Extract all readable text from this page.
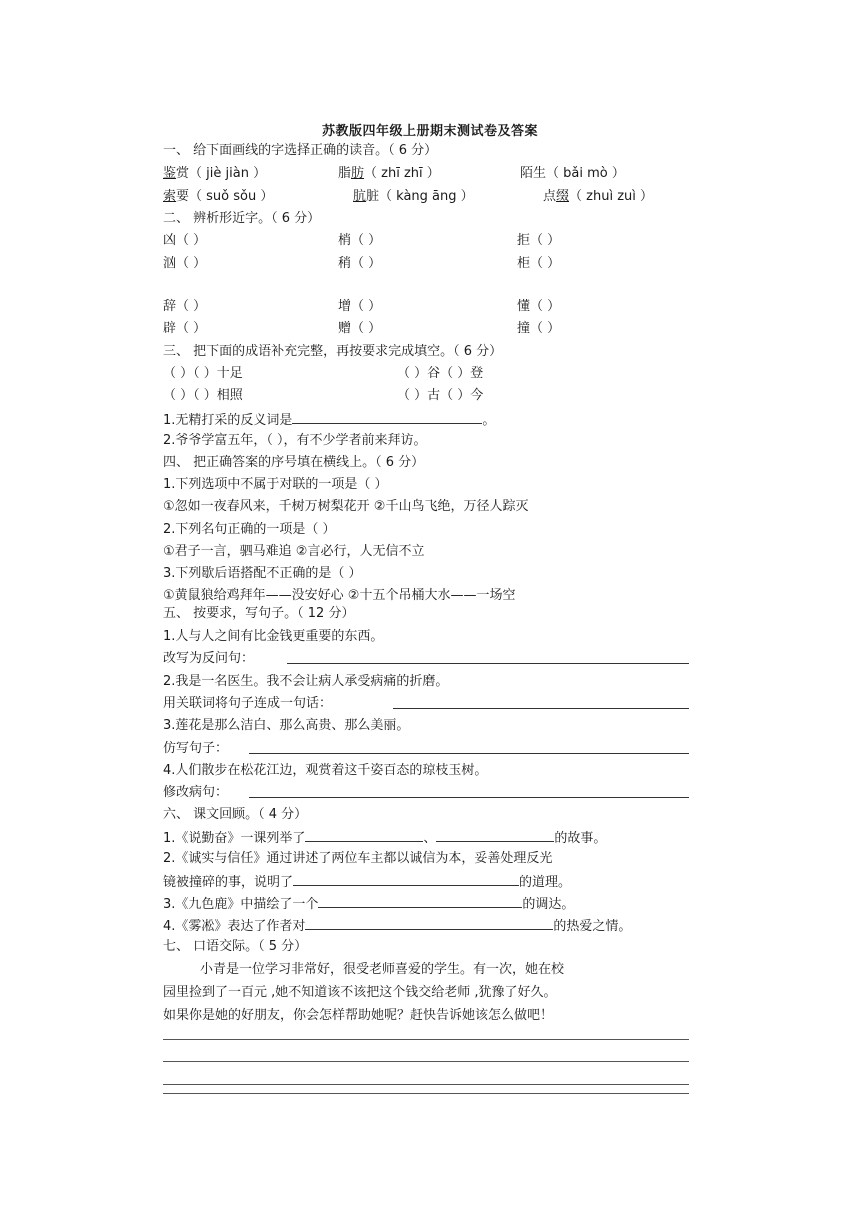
苏教版四年级上册期末测试卷及答案
一、 给下面画线的字选择正确的读音。（ 6 分）
鉴赏（ jiè jiàn ）	脂肪（ zhī zhī ）	陌生（ bǎi mò ）
索要（ suǒ sǒu ）	肮脏（ kàng āng ）	点缀（ zhuì zuì ）
二、 辨析形近字。（ 6 分）
凶（ ）	梢（ ）	拒（ ）
汹（ ）	稍（ ）	柜（ ）
辞（ ）	增（ ）	懂（ ）
辟（ ）	赠（ ）	撞（ ）
三、 把下面的成语补充完整，再按要求完成填空。（ 6 分）
（ ）（ ）十足	（ ）谷（ ）登
（ ）（ ）相照	（ ）古（ ）今
1.无精打采的反义词是	。
2.爷爷学富五年，（ ），有不少学者前来拜访。
四、 把正确答案的序号填在横线上。（ 6 分）
1.下列选项中不属于对联的一项是（ ）
①忽如一夜春风来，千树万树梨花开 ②千山鸟飞绝，万径人踪灭
2.下列名句正确的一项是（ ）
①君子一言，驷马难追 ②言必行，人无信不立
3.下列歇后语搭配不正确的是（ ）
①黄鼠狼给鸡拜年——没安好心 ②十五个吊桶大水——一场空
五、 按要求，写句子。（ 12 分）
1.人与人之间有比金钱更重要的东西。
改写为反问句：
2.我是一名医生。我不会让病人承受病痛的折磨。
用关联词将句子连成一句话：
3.莲花是那么洁白、那么高贵、那么美丽。
仿写句子：
4.人们散步在松花江边，观赏着这千姿百态的琼枝玉树。
修改病句：
六、 课文回顾。（ 4 分）
1.《说勤奋》一课列举了	、	的故事。
2.《诚实与信任》通过讲述了两位车主都以诚信为本，妥善处理反光
镜被撞碎的事，说明了	的道理。
3.《九色鹿》中描绘了一个	的调达。
4.《雾凇》表达了作者对	的热爱之情。
七、 口语交际。（ 5 分）
小青是一位学习非常好，很受老师喜爱的学生。有一次，她在校
园里捡到了一百元 ,她不知道该不该把这个钱交给老师 ,犹豫了好久。
如果你是她的好朋友，你会怎样帮助她呢？赶快告诉她该怎么做吧！
